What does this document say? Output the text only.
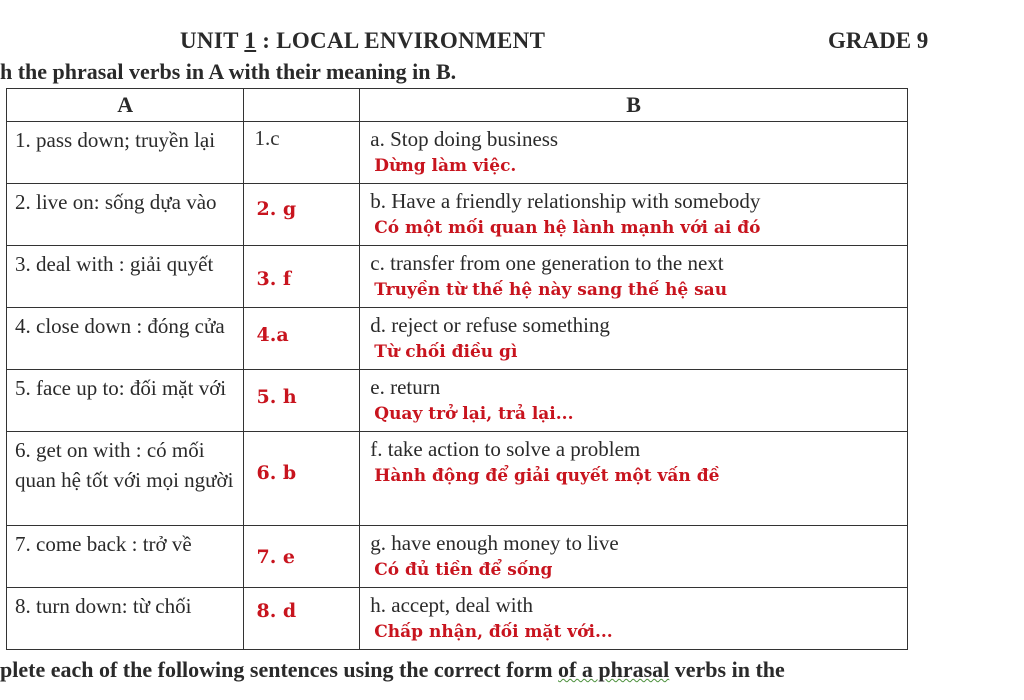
UNIT 1 : LOCAL ENVIRONMENT	GRADE 9
h the phrasal verbs in A with their meaning in B.
A		B

1. pass down; truyền lại	1.c	a. Stop doing business
Dừng làm việc.

2. live on: sống dựa vào	2. g	b. Have a friendly relationship with somebody
Có một mối quan hệ lành mạnh với ai đó

3. deal with : giải quyết	3. f	c. transfer from one generation to the next
Truyền từ thế hệ này sang thế hệ sau

4. close down : đóng cửa	4.a	d. reject or refuse something
Từ chối điều gì

5. face up to: đối mặt với	5. h	e. return
Quay trở lại, trả lại...

6. get on with : có mối quan hệ tốt với mọi người	6. b	f. take action to solve a problem
Hành động để giải quyết một vấn đề

7. come back : trở về	7. e	g. have enough money to live
Có đủ tiền để sống

8. turn down: từ chối	8. d	h. accept, deal with
Chấp nhận, đối mặt với...
plete each of the following sentences using the correct form of a phrasal verbs in the
